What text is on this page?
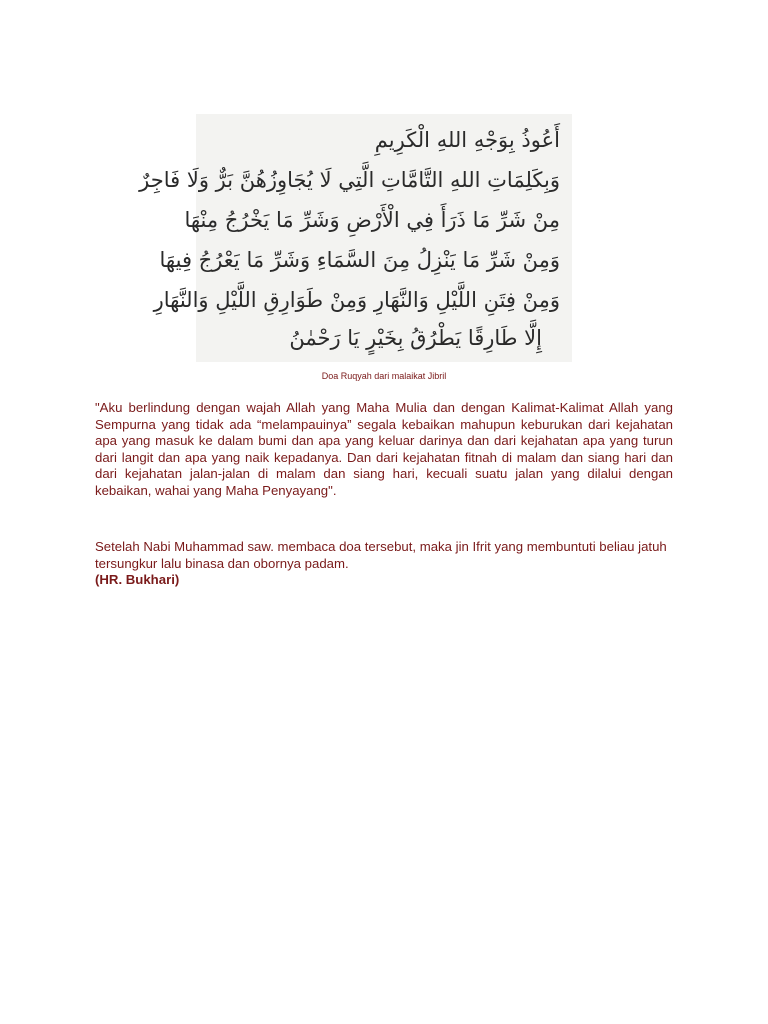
أَعُوذُ بِوَجْهِ اللهِ الْكَرِيمِ
وَبِكَلِمَاتِ اللهِ التَّامَّاتِ الَّتِي لَا يُجَاوِزُهُنَّ بَرٌّ وَلَا فَاجِرٌ
مِنْ شَرِّ مَا ذَرَأَ فِي الْأَرْضِ وَشَرِّ مَا يَخْرُجُ مِنْهَا
وَمِنْ شَرِّ مَا يَنْزِلُ مِنَ السَّمَاءِ وَشَرِّ مَا يَعْرُجُ فِيهَا
وَمِنْ فِتَنِ اللَّيْلِ وَالنَّهَارِ وَمِنْ طَوَارِقِ اللَّيْلِ وَالنَّهَارِ
إِلَّا طَارِقًا يَطْرُقُ بِخَيْرٍ يَا رَحْمٰنُ
Doa Ruqyah dari malaikat Jibril

"Aku berlindung dengan wajah Allah yang Maha Mulia dan dengan Kalimat-Kalimat Allah yang Sempurna yang tidak ada “melampauinya” segala kebaikan mahupun keburukan dari kejahatan apa yang masuk ke dalam bumi dan apa yang keluar darinya dan dari kejahatan apa yang turun dari langit dan apa yang naik kepadanya. Dan dari kejahatan fitnah di malam dan siang hari dan dari kejahatan jalan-jalan di malam dan siang hari, kecuali suatu jalan yang dilalui dengan kebaikan, wahai yang Maha Penyayang".

Setelah Nabi Muhammad saw. membaca doa tersebut, maka jin Ifrit yang membuntuti beliau jatuh tersungkur lalu binasa dan obornya padam.

(HR. Bukhari)
